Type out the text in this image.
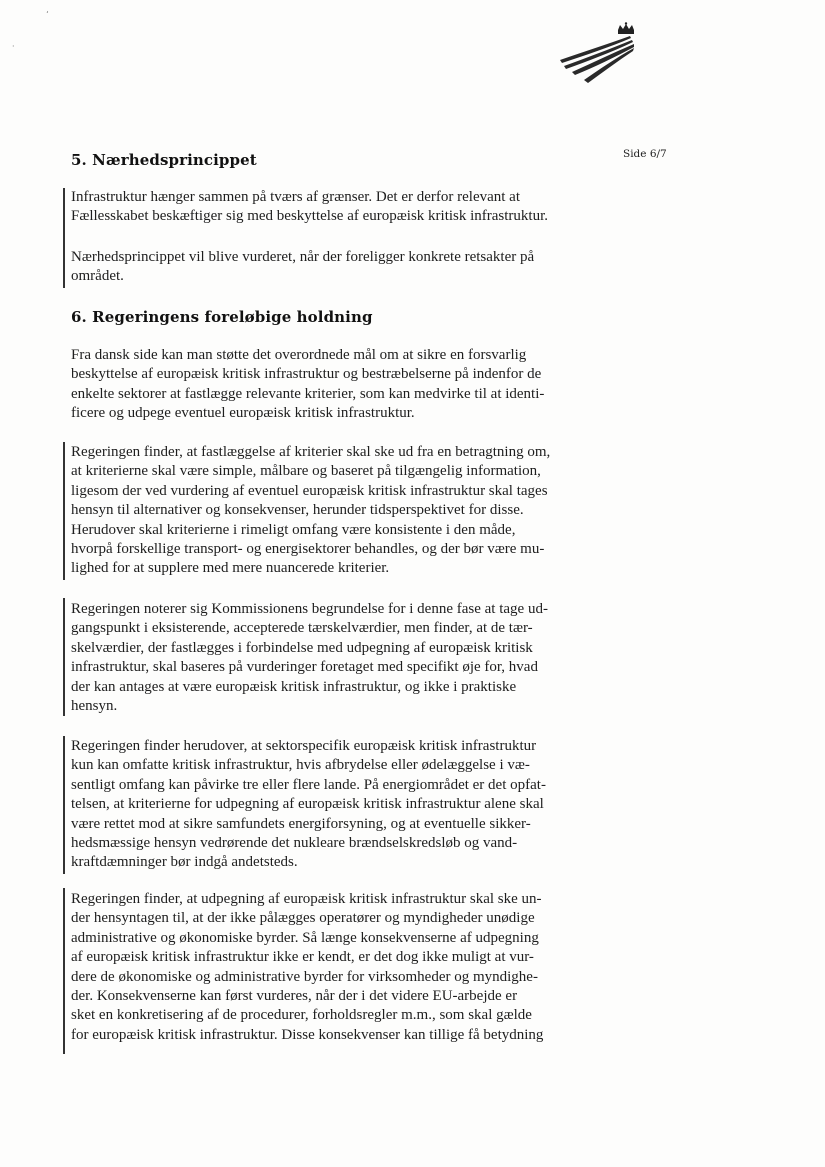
ʻ
·
Side 6/7
5. Nærhedsprincippet

Infrastruktur hænger sammen på tværs af grænser. Det er derfor relevant at
Fællesskabet beskæftiger sig med beskyttelse af europæisk kritisk infrastruktur.

Nærhedsprincippet vil blive vurderet, når der foreligger konkrete retsakter på
området.

6. Regeringens foreløbige holdning

Fra dansk side kan man støtte det overordnede mål om at sikre en forsvarlig
beskyttelse af europæisk kritisk infrastruktur og bestræbelserne på indenfor de
enkelte sektorer at fastlægge relevante kriterier, som kan medvirke til at identi-
ficere og udpege eventuel europæisk kritisk infrastruktur.

Regeringen finder, at fastlæggelse af kriterier skal ske ud fra en betragtning om,
at kriterierne skal være simple, målbare og baseret på tilgængelig information,
ligesom der ved vurdering af eventuel europæisk kritisk infrastruktur skal tages
hensyn til alternativer og konsekvenser, herunder tidsperspektivet for disse.
Herudover skal kriterierne i rimeligt omfang være konsistente i den måde,
hvorpå forskellige transport- og energisektorer behandles, og der bør være mu-
lighed for at supplere med mere nuancerede kriterier.

Regeringen noterer sig Kommissionens begrundelse for i denne fase at tage ud-
gangspunkt i eksisterende, accepterede tærskelværdier, men finder, at de tær-
skelværdier, der fastlægges i forbindelse med udpegning af europæisk kritisk
infrastruktur, skal baseres på vurderinger foretaget med specifikt øje for, hvad
der kan antages at være europæisk kritisk infrastruktur, og ikke i praktiske
hensyn.

Regeringen finder herudover, at sektorspecifik europæisk kritisk infrastruktur
kun kan omfatte kritisk infrastruktur, hvis afbrydelse eller ødelæggelse i væ-
sentligt omfang kan påvirke tre eller flere lande. På energiområdet er det opfat-
telsen, at kriterierne for udpegning af europæisk kritisk infrastruktur alene skal
være rettet mod at sikre samfundets energiforsyning, og at eventuelle sikker-
hedsmæssige hensyn vedrørende det nukleare brændselskredsløb og vand-
kraftdæmninger bør indgå andetsteds.

Regeringen finder, at udpegning af europæisk kritisk infrastruktur skal ske un-
der hensyntagen til, at der ikke pålægges operatører og myndigheder unødige
administrative og økonomiske byrder. Så længe konsekvenserne af udpegning
af europæisk kritisk infrastruktur ikke er kendt, er det dog ikke muligt at vur-
dere de økonomiske og administrative byrder for virksomheder og myndighe-
der. Konsekvenserne kan først vurderes, når der i det videre EU-arbejde er
sket en konkretisering af de procedurer, forholdsregler m.m., som skal gælde
for europæisk kritisk infrastruktur. Disse konsekvenser kan tillige få betydning
